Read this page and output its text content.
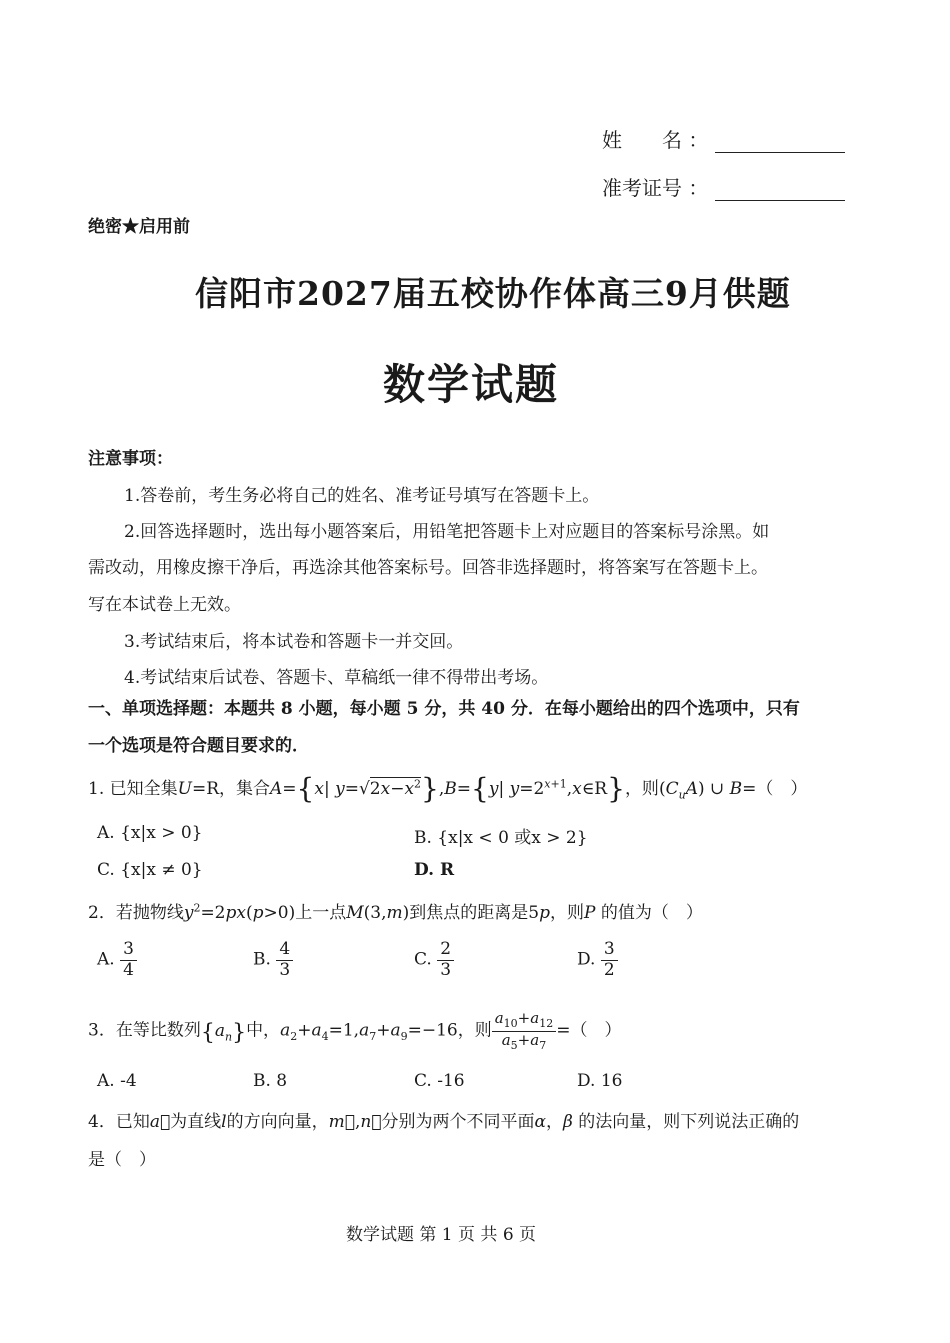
姓　　名 ：
准考证号 ：
绝密★启用前
信阳市2027届五校协作体高三9月供题
数学试题
注意事项：
1.答卷前，考生务必将自己的姓名、准考证号填写在答题卡上。
2.回答选择题时，选出每小题答案后，用铅笔把答题卡上对应题目的答案标号涂黑。如
需改动，用橡皮擦干净后，再选涂其他答案标号。回答非选择题时，将答案写在答题卡上。
写在本试卷上无效。
3.考试结束后，将本试卷和答题卡一并交回。
4.考试结束后试卷、答题卡、草稿纸一律不得带出考场。
一、单项选择题：本题共 8 小题，每小题 5 分，共 40 分．在每小题给出的四个选项中，只有
一个选项是符合题目要求的．
1. 已知全集U=R，集合A={x| $y=√2x-x^2\},B=\{y|$ $y=2^{x+1},x\in R$}，则$(C_uA)$ ∪ B=（　）
A. {x|x > 0}	B. {x|x < 0 或x > 2}
C. {x|x ≠ 0}	D. R
2．若抛物线$y^2=2px(p>0)$上一点M(3,m)到焦点的距离是5p，则P 的值为（　）
A. $\frac{3}{4}$	B. $\frac{4}{3}$	C. $\frac{2}{3}$	D. $\frac{3}{2}$
3．在等比数列$\{a_n\}$中，$a_2+a_4=1,a_7+a_9=-16$，则 $\frac{a_{10}+a_{12}}{a_5+a_7}$ =（　）
A. -4	B. 8	C. -16	D. 16
4．已知a⃗为直线l的方向向量，m⃗,n⃗分别为两个不同平面α，β 的法向量，则下列说法正确的
是（　）
数学试题 第 1 页 共 6 页
